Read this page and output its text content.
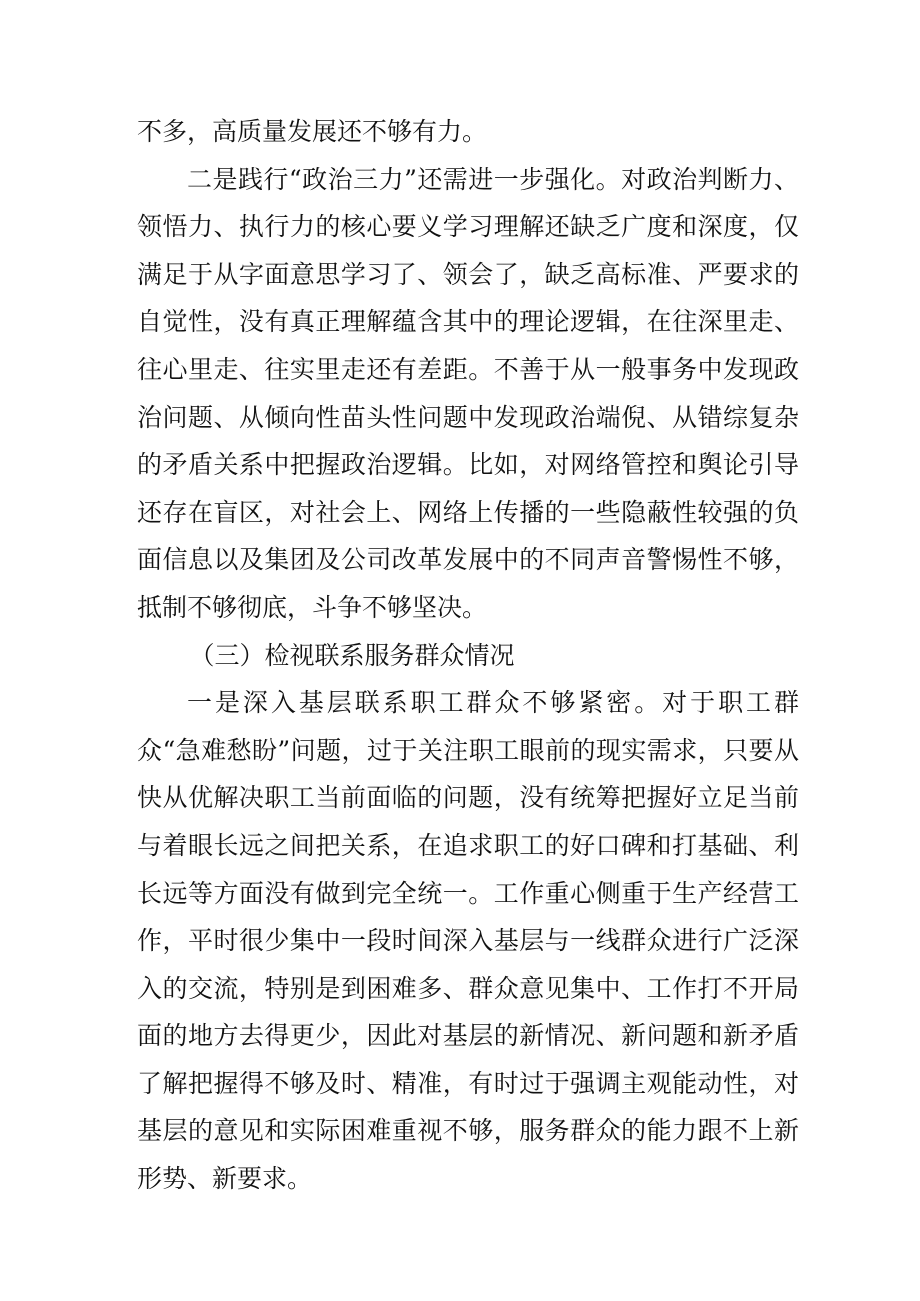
不多，高质量发展还不够有力。

二是践行“政治三力”还需进一步强化。对政治判断力、领悟力、执行力的核心要义学习理解还缺乏广度和深度，仅满足于从字面意思学习了、领会了，缺乏高标准、严要求的自觉性，没有真正理解蕴含其中的理论逻辑，在往深里走、往心里走、往实里走还有差距。不善于从一般事务中发现政治问题、从倾向性苗头性问题中发现政治端倪、从错综复杂的矛盾关系中把握政治逻辑。比如，对网络管控和舆论引导还存在盲区，对社会上、网络上传播的一些隐蔽性较强的负面信息以及集团及公司改革发展中的不同声音警惕性不够，抵制不够彻底，斗争不够坚决。

（三）检视联系服务群众情况

一是深入基层联系职工群众不够紧密。对于职工群众“急难愁盼”问题，过于关注职工眼前的现实需求，只要从快从优解决职工当前面临的问题，没有统筹把握好立足当前与着眼长远之间把关系，在追求职工的好口碑和打基础、利长远等方面没有做到完全统一。工作重心侧重于生产经营工作，平时很少集中一段时间深入基层与一线群众进行广泛深入的交流，特别是到困难多、群众意见集中、工作打不开局面的地方去得更少，因此对基层的新情况、新问题和新矛盾了解把握得不够及时、精准，有时过于强调主观能动性，对基层的意见和实际困难重视不够，服务群众的能力跟不上新形势、新要求。
